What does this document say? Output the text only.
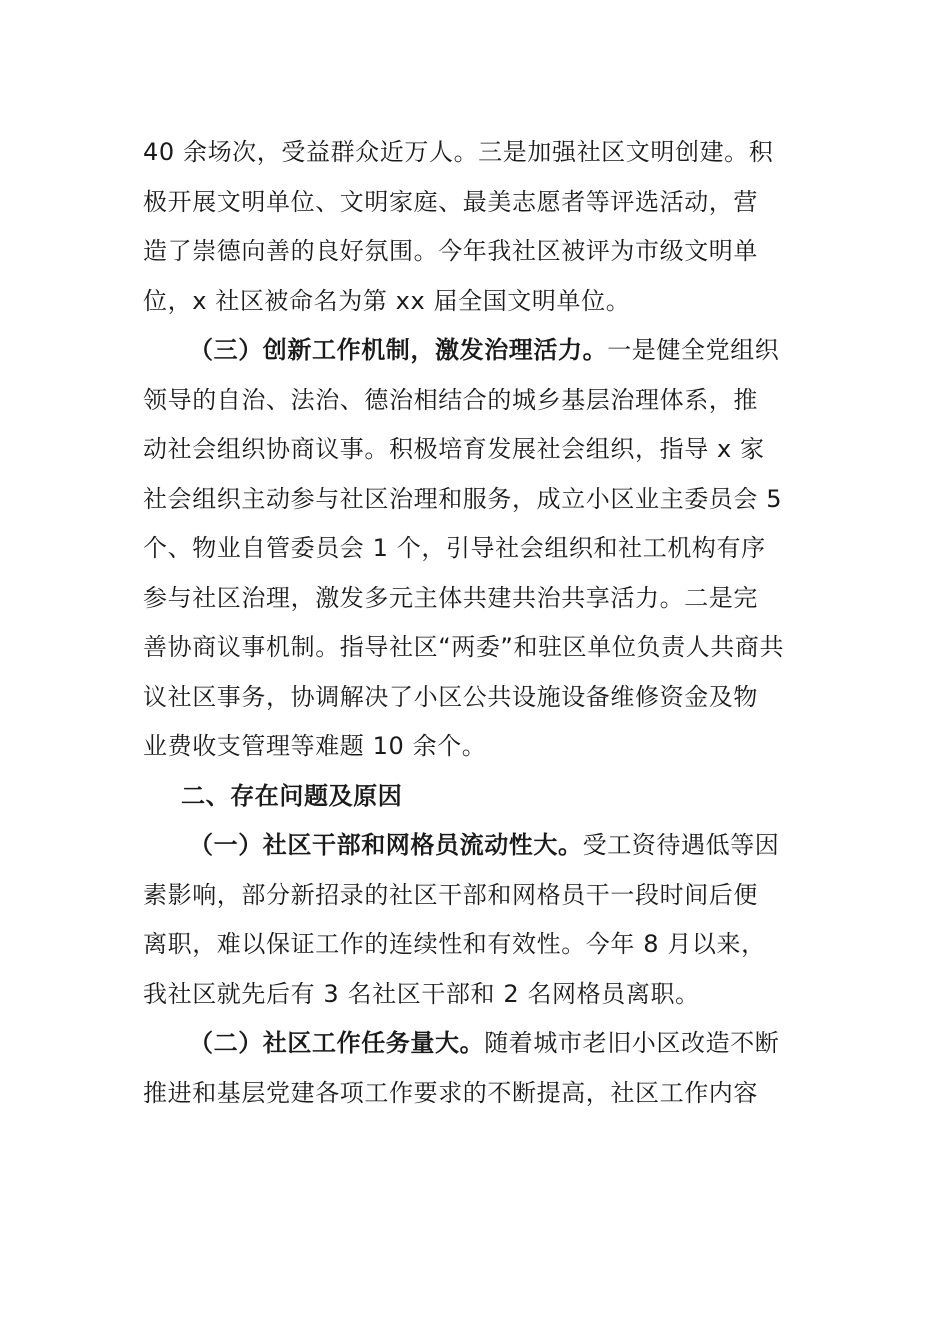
40 余场次，受益群众近万人。三是加强社区文明创建。积
极开展文明单位、文明家庭、最美志愿者等评选活动，营
造了崇德向善的良好氛围。今年我社区被评为市级文明单
位，x 社区被命名为第 xx 届全国文明单位。
（三）创新工作机制，激发治理活力。一是健全党组织
领导的自治、法治、德治相结合的城乡基层治理体系，推
动社会组织协商议事。积极培育发展社会组织，指导 x 家
社会组织主动参与社区治理和服务，成立小区业主委员会 5
个、物业自管委员会 1 个，引导社会组织和社工机构有序
参与社区治理，激发多元主体共建共治共享活力。二是完
善协商议事机制。指导社区“两委”和驻区单位负责人共商共
议社区事务，协调解决了小区公共设施设备维修资金及物
业费收支管理等难题 10 余个。
二、存在问题及原因
（一）社区干部和网格员流动性大。受工资待遇低等因
素影响，部分新招录的社区干部和网格员干一段时间后便
离职，难以保证工作的连续性和有效性。今年 8 月以来，
我社区就先后有 3 名社区干部和 2 名网格员离职。
（二）社区工作任务量大。随着城市老旧小区改造不断
推进和基层党建各项工作要求的不断提高，社区工作内容
